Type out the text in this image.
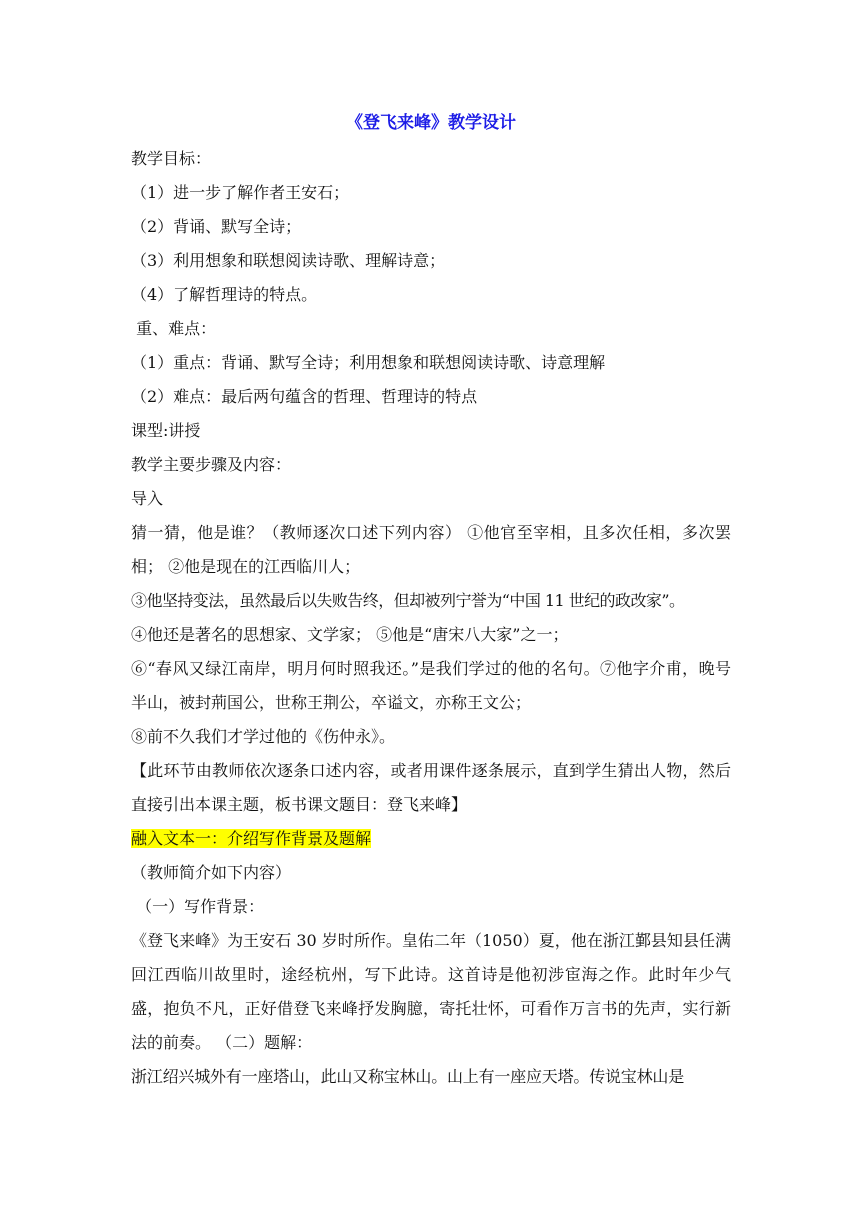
《登飞来峰》教学设计
教学目标：
（1）进一步了解作者王安石；
（2）背诵、默写全诗；
（3）利用想象和联想阅读诗歌、理解诗意；
（4）了解哲理诗的特点。
重、难点：
（1）重点：背诵、默写全诗；利用想象和联想阅读诗歌、诗意理解
（2）难点：最后两句蕴含的哲理、哲理诗的特点
课型:讲授
教学主要步骤及内容：
导入
猜一猜，他是谁？（教师逐次口述下列内容） ①他官至宰相，且多次任相，多次罢相； ②他是现在的江西临川人；
③他坚持变法，虽然最后以失败告终，但却被列宁誉为“中国 11 世纪的政改家”。
④他还是著名的思想家、文学家； ⑤他是“唐宋八大家”之一；
⑥“春风又绿江南岸，明月何时照我还。”是我们学过的他的名句。⑦他字介甫，晚号半山，被封荊国公，世称王荆公，卒谥文，亦称王文公；
⑧前不久我们才学过他的《伤仲永》。
【此环节由教师依次逐条口述内容，或者用课件逐条展示，直到学生猜出人物，然后直接引出本课主题，板书课文题目：登飞来峰】
融入文本一：介绍写作背景及题解
（教师简介如下内容）
（一）写作背景：
《登飞来峰》为王安石 30 岁时所作。皇佑二年（1050）夏，他在浙江鄞县知县任满回江西临川故里时，途经杭州，写下此诗。这首诗是他初涉宦海之作。此时年少气盛，抱负不凡，正好借登飞来峰抒发胸臆，寄托壮怀，可看作万言书的先声，实行新法的前奏。 （二）题解：
浙江绍兴城外有一座塔山，此山又称宝林山。山上有一座应天塔。传说宝林山是
